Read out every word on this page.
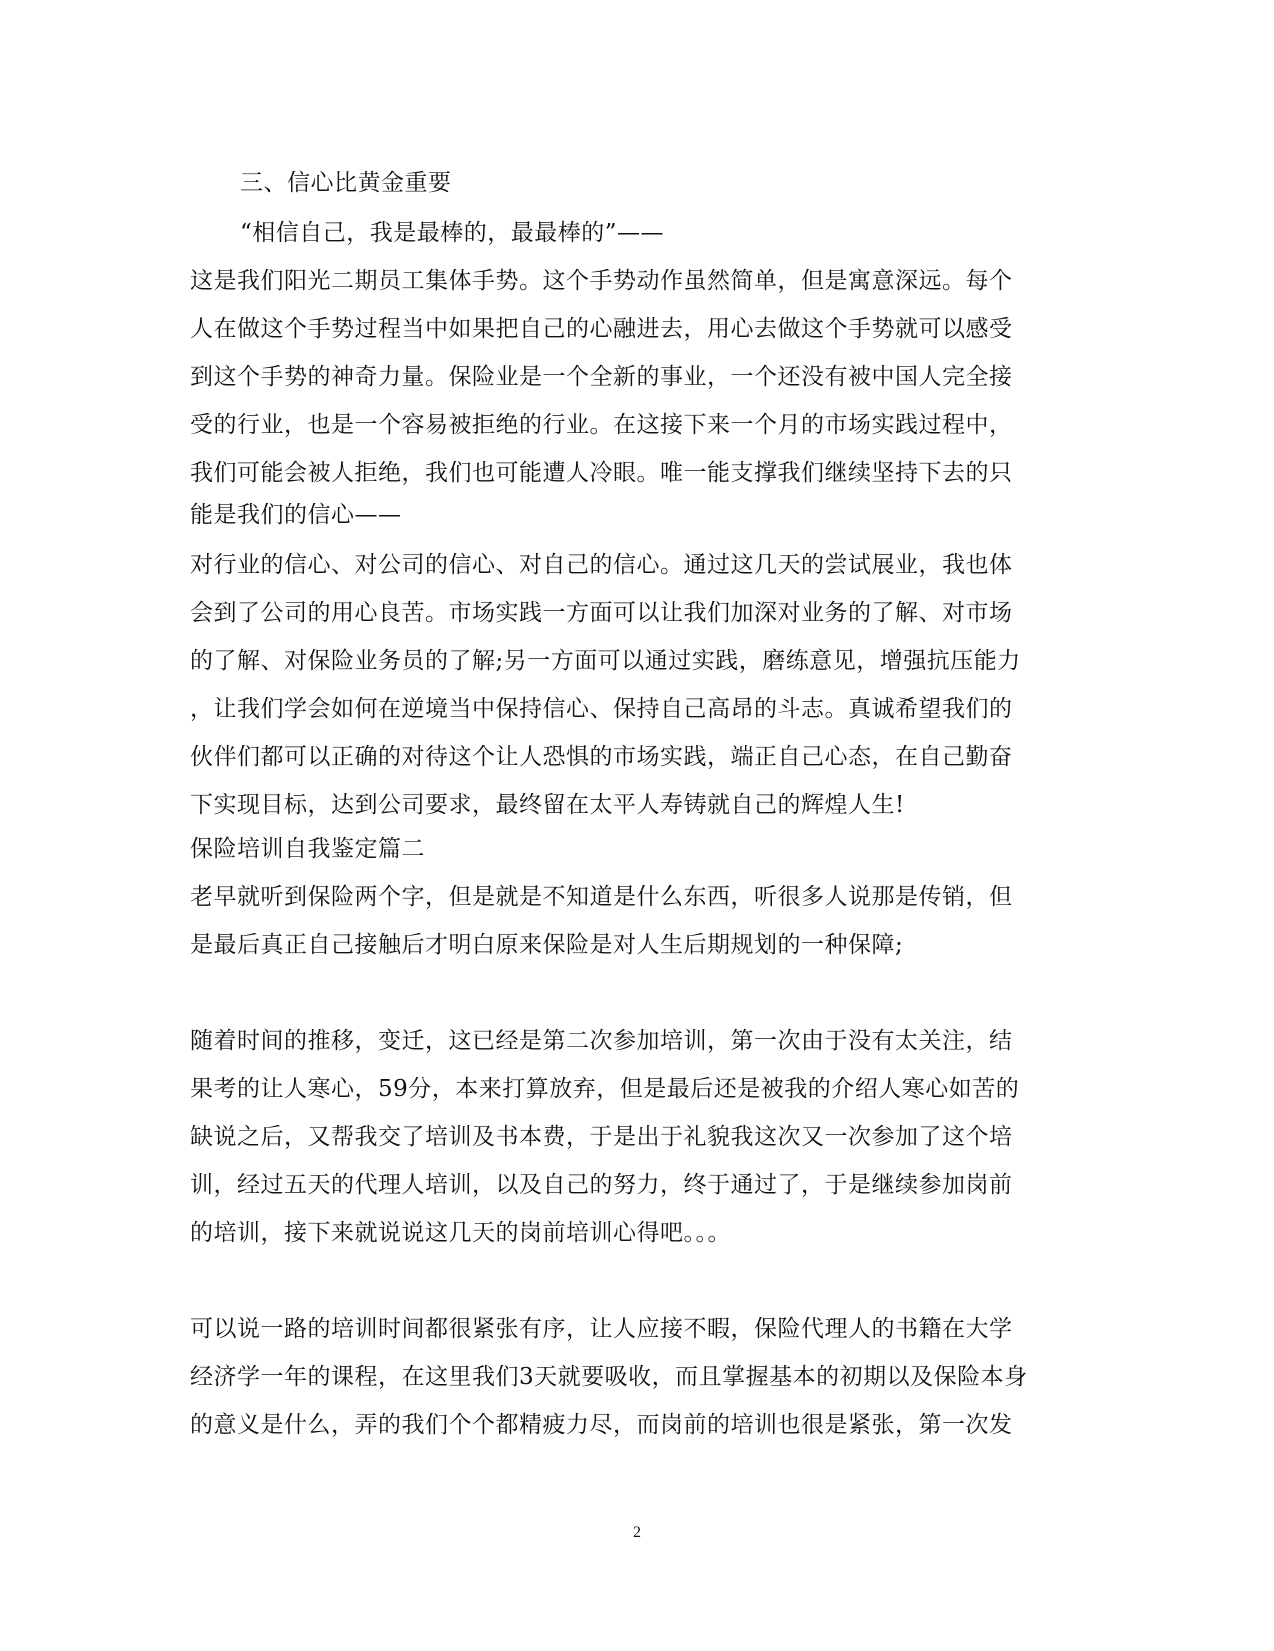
三、信心比黄金重要
“相信自己，我是最棒的，最最棒的”——
这是我们阳光二期员工集体手势。这个手势动作虽然简单，但是寓意深远。每个
人在做这个手势过程当中如果把自己的心融进去，用心去做这个手势就可以感受
到这个手势的神奇力量。保险业是一个全新的事业，一个还没有被中国人完全接
受的行业，也是一个容易被拒绝的行业。在这接下来一个月的市场实践过程中，
我们可能会被人拒绝，我们也可能遭人冷眼。唯一能支撑我们继续坚持下去的只
能是我们的信心——
对行业的信心、对公司的信心、对自己的信心。通过这几天的尝试展业，我也体
会到了公司的用心良苦。市场实践一方面可以让我们加深对业务的了解、对市场
的了解、对保险业务员的了解;另一方面可以通过实践，磨练意见，增强抗压能力
，让我们学会如何在逆境当中保持信心、保持自己高昂的斗志。真诚希望我们的
伙伴们都可以正确的对待这个让人恐惧的市场实践，端正自己心态，在自己勤奋
下实现目标，达到公司要求，最终留在太平人寿铸就自己的辉煌人生!
保险培训自我鉴定篇二
老早就听到保险两个字，但是就是不知道是什么东西，听很多人说那是传销，但
是最后真正自己接触后才明白原来保险是对人生后期规划的一种保障;
随着时间的推移，变迁，这已经是第二次参加培训，第一次由于没有太关注，结
果考的让人寒心，59分，本来打算放弃，但是最后还是被我的介绍人寒心如苦的
缺说之后，又帮我交了培训及书本费，于是出于礼貌我这次又一次参加了这个培
训，经过五天的代理人培训，以及自己的努力，终于通过了，于是继续参加岗前
的培训，接下来就说说这几天的岗前培训心得吧。。。
可以说一路的培训时间都很紧张有序，让人应接不暇，保险代理人的书籍在大学
经济学一年的课程，在这里我们3天就要吸收，而且掌握基本的初期以及保险本身
的意义是什么，弄的我们个个都精疲力尽，而岗前的培训也很是紧张，第一次发
2
